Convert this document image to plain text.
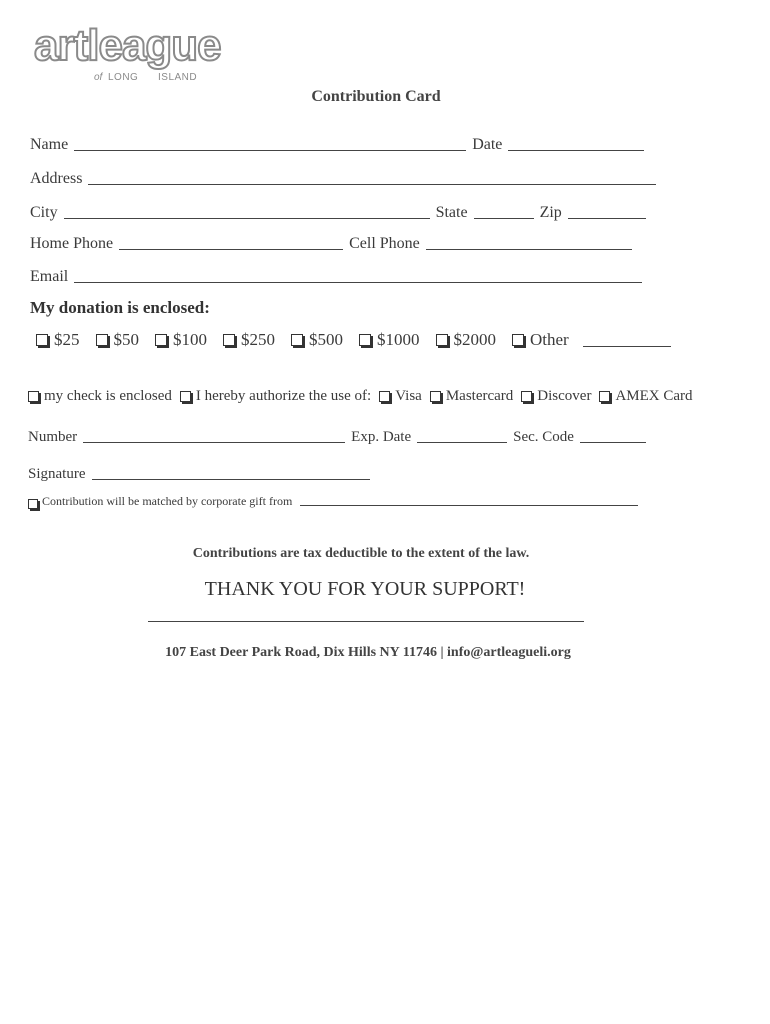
artleague
of LONG ISLAND
Contribution Card
Name	Date
Address
City	State	Zip
Home Phone	Cell Phone
Email
My donation is enclosed:
$25 $50 $100 $250 $500 $1000 $2000 Other
my check is enclosed I hereby authorize the use of: Visa Mastercard Discover AMEX Card
Number	Exp. Date	Sec. Code
Signature
Contribution will be matched by corporate gift from
Contributions are tax deductible to the extent of the law.
THANK YOU FOR YOUR SUPPORT!
107 East Deer Park Road, Dix Hills NY 11746 | info@artleagueli.org
